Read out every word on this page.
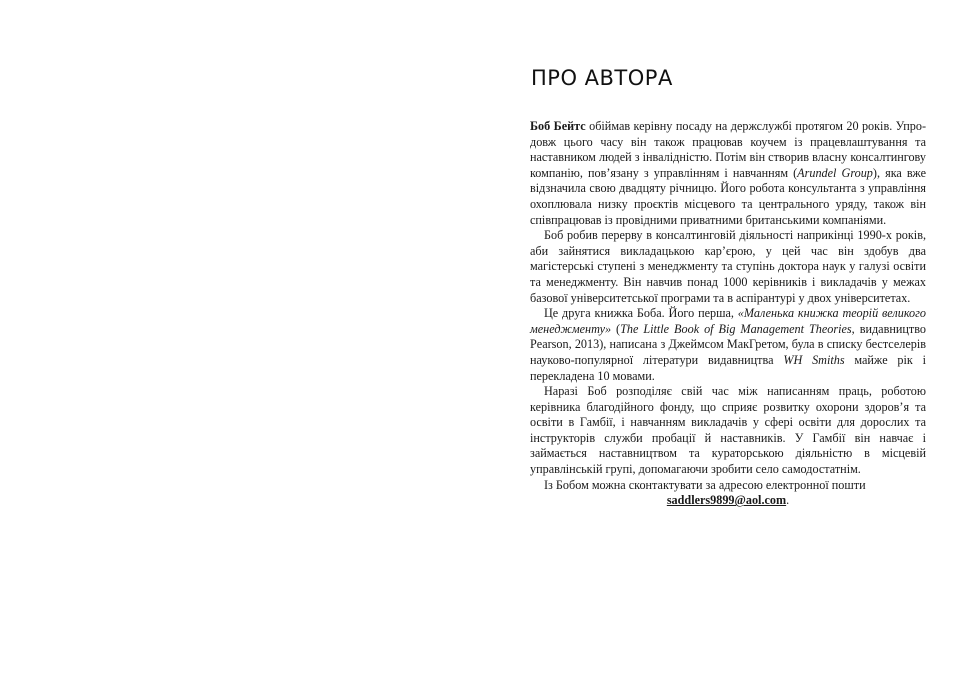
ПРО АВТОРА

Боб Бейтс обіймав керівну посаду на держслужбі протягом 20 років. Упродовж цього часу він також працював коучем із працевлаштування та наставником людей з інвалідністю. Потім він створив власну консалтингову компанію, пов’язану з управлінням і навчанням (Arundel Group), яка вже відзначила свою двадцяту річницю. Його робота консультанта з управління охоплювала низку проєктів місцевого та центрального уряду, також він співпрацював із провідними приватними британськими компаніями.

Боб робив перерву в консалтинговій діяльності наприкінці 1990-х років, аби зайнятися викладацькою кар’єрою, у цей час він здобув два магістерські ступені з менеджменту та ступінь доктора наук у галузі освіти та менеджменту. Він навчив понад 1000 керівників і викладачів у межах базової університетської програми та в аспірантурі у двох університетах.

Це друга книжка Боба. Його перша, «Маленька книжка теорій великого менеджменту» (The Little Book of Big Management Theories, видавництво Pearson, 2013), написана з Джеймсом МакГретом, була в списку бестселерів науково-популярної літератури видавництва WH Smiths майже рік і перекладена 10 мовами.

Наразі Боб розподіляє свій час між написанням праць, роботою керівника благодійного фонду, що сприяє розвитку охорони здоров’я та освіти в Гамбії, і навчанням викладачів у сфері освіти для дорослих та інструкторів служби пробації й наставників. У Гамбії він навчає і займається наставництвом та кураторською діяльністю в місцевій управлінській групі, допомагаючи зробити село самодостатнім.

Із Бобом можна сконтактувати за адресою електронної пошти

saddlers9899@aol.com.
